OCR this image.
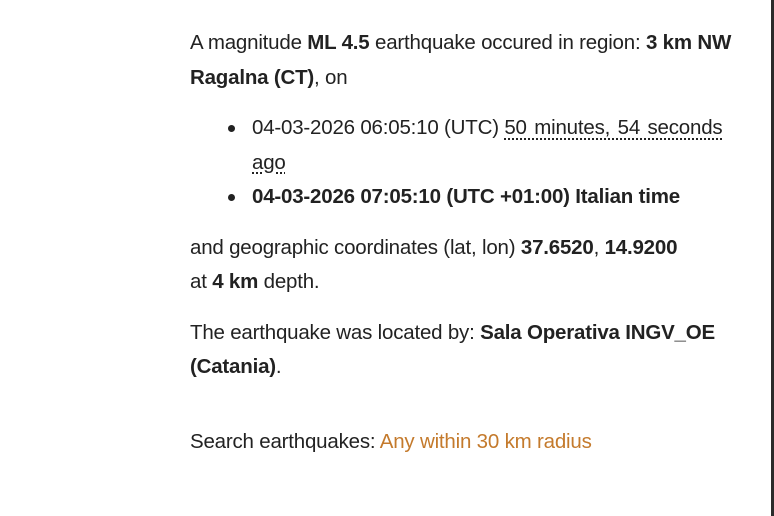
A magnitude ML 4.5 earthquake occured in region: 3 km NW Ragalna (CT), on

04-03-2026 06:05:10 (UTC) 50 minutes, 54 seconds ago
04-03-2026 07:05:10 (UTC +01:00) Italian time

and geographic coordinates (lat, lon) 37.6520, 14.9200
at 4 km depth.

The earthquake was located by: Sala Operativa INGV_OE (Catania).

Search earthquakes: Any within 30 km radius
